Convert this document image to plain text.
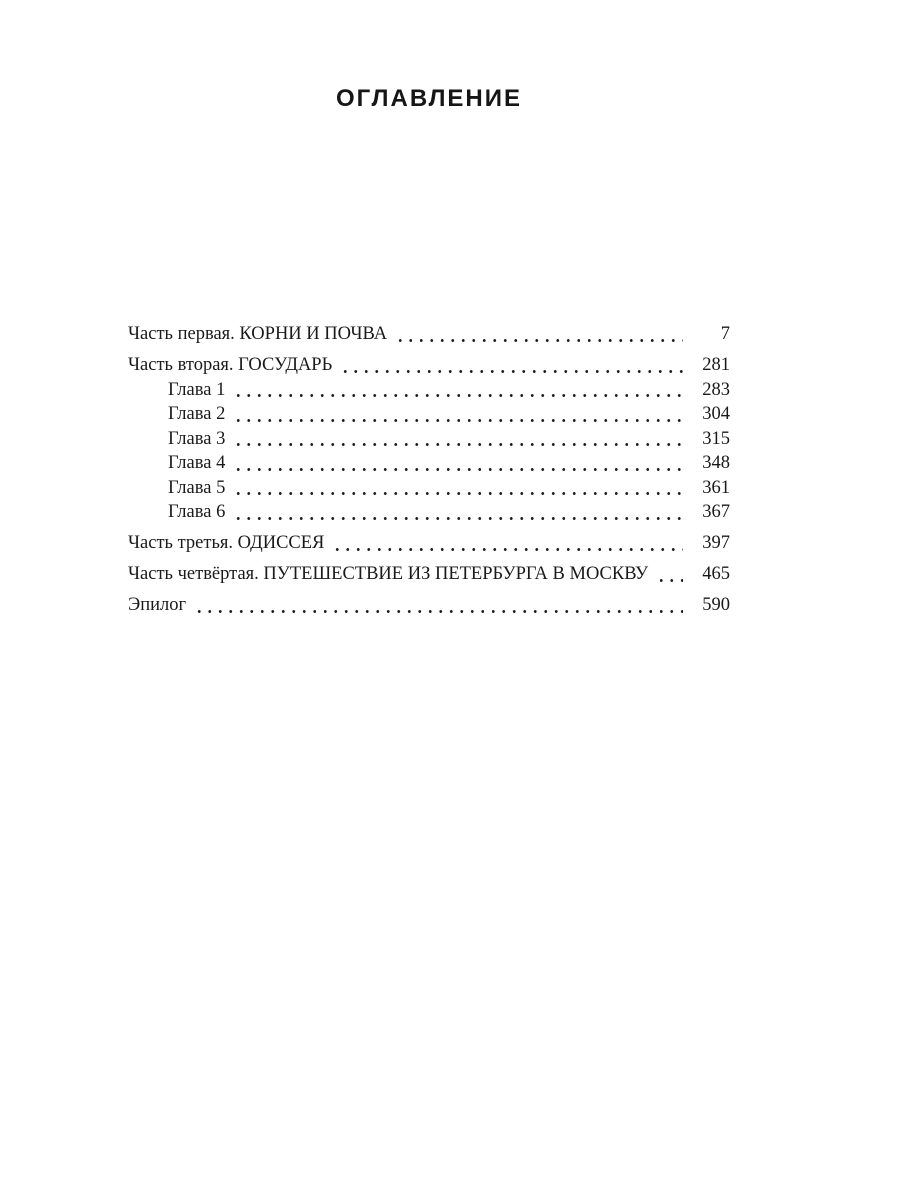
ОГЛАВЛЕНИЕ
Часть первая. КОРНИ И ПОЧВА	7
Часть вторая. ГОСУДАРЬ	281
Глава 1	283
Глава 2	304
Глава 3	315
Глава 4	348
Глава 5	361
Глава 6	367
Часть третья. ОДИССЕЯ	397
Часть четвёртая. ПУТЕШЕСТВИЕ ИЗ ПЕТЕРБУРГА В МОСКВУ	465
Эпилог	590
